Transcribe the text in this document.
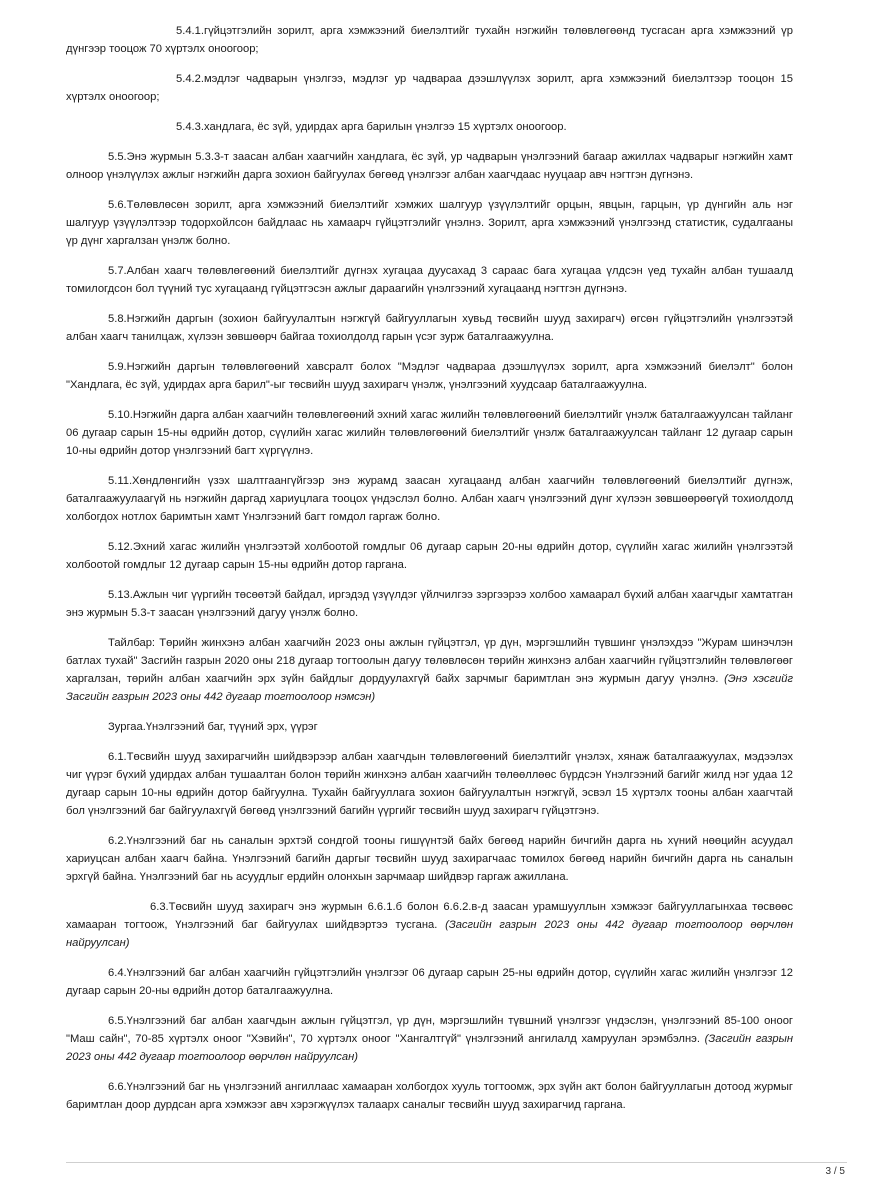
5.4.1.гүйцэтгэлийн зорилт, арга хэмжээний биелэлтийг тухайн нэгжийн төлөвлөгөөнд тусгасан арга хэмжээний үр дүнгээр тооцож 70 хүртэлх оноогоор;

5.4.2.мэдлэг чадварын үнэлгээ, мэдлэг ур чадвараа дээшлүүлэх зорилт, арга хэмжээний биелэлтээр тооцон 15 хүртэлх оноогоор;

5.4.3.хандлага, ёс зүй, удирдах арга барилын үнэлгээ 15 хүртэлх оноогоор.

5.5.Энэ журмын 5.3.3-т заасан албан хаагчийн хандлага, ёс зүй, ур чадварын үнэлгээний багаар ажиллах чадварыг нэгжийн хамт олноор үнэлүүлэх ажлыг нэгжийн дарга зохион байгуулах бөгөөд үнэлгээг албан хаагчдаас нууцаар авч нэгтгэн дүгнэнэ.

5.6.Төлөвлөсөн зорилт, арга хэмжээний биелэлтийг хэмжих шалгуур үзүүлэлтийг орцын, явцын, гарцын, үр дүнгийн аль нэг шалгуур үзүүлэлтээр тодорхойлсон байдлаас нь хамаарч гүйцэтгэлийг үнэлнэ. Зорилт, арга хэмжээний үнэлгээнд статистик, судалгааны үр дүнг харгалзан үнэлж болно.

5.7.Албан хаагч төлөвлөгөөний биелэлтийг дүгнэх хугацаа дуусахад 3 сараас бага хугацаа үлдсэн үед тухайн албан тушаалд томилогдсон бол түүний тус хугацаанд гүйцэтгэсэн ажлыг дараагийн үнэлгээний хугацаанд нэгтгэн дүгнэнэ.

5.8.Нэгжийн даргын (зохион байгуулалтын нэгжгүй байгууллагын хувьд төсвийн шууд захирагч) өгсөн гүйцэтгэлийн үнэлгээтэй албан хаагч танилцаж, хүлээн зөвшөөрч байгаа тохиолдолд гарын үсэг зурж баталгаажуулна.

5.9.Нэгжийн даргын төлөвлөгөөний хавсралт болох "Мэдлэг чадвараа дээшлүүлэх зорилт, арга хэмжээний биелэлт" болон "Хандлага, ёс зүй, удирдах арга барил"-ыг төсвийн шууд захирагч үнэлж, үнэлгээний хуудсаар баталгаажуулна.

5.10.Нэгжийн дарга албан хаагчийн төлөвлөгөөний эхний хагас жилийн төлөвлөгөөний биелэлтийг үнэлж баталгаажуулсан тайланг 06 дугаар сарын 15-ны өдрийн дотор, сүүлийн хагас жилийн төлөвлөгөөний биелэлтийг үнэлж баталгаажуулсан тайланг 12 дугаар сарын 10-ны өдрийн дотор үнэлгээний багт хүргүүлнэ.

5.11.Хөндлөнгийн үзэх шалтгаангүйгээр энэ журамд заасан хугацаанд албан хаагчийн төлөвлөгөөний биелэлтийг дүгнэж, баталгаажуулаагүй нь нэгжийн даргад хариуцлага тооцох үндэслэл болно. Албан хаагч үнэлгээний дүнг хүлээн зөвшөөрөөгүй тохиолдолд холбогдох нотлох баримтын хамт Үнэлгээний багт гомдол гаргаж болно.

5.12.Эхний хагас жилийн үнэлгээтэй холбоотой гомдлыг 06 дугаар сарын 20-ны өдрийн дотор, сүүлийн хагас жилийн үнэлгээтэй холбоотой гомдлыг 12 дугаар сарын 15-ны өдрийн дотор гаргана.

5.13.Ажлын чиг үүргийн төсөөтэй байдал, иргэдэд үзүүлдэг үйлчилгээ зэргээрээ холбоо хамаарал бүхий албан хаагчдыг хамтатган энэ журмын 5.3-т заасан үнэлгээний дагуу үнэлж болно.

Тайлбар: Төрийн жинхэнэ албан хаагчийн 2023 оны ажлын гүйцэтгэл, үр дүн, мэргэшлийн түвшинг үнэлэхдээ "Журам шинэчлэн батлах тухай" Засгийн газрын 2020 оны 218 дугаар тогтоолын дагуу төлөвлөсөн төрийн жинхэнэ албан хаагчийн гүйцэтгэлийн төлөвлөгөөг харгалзан, төрийн албан хаагчийн эрх зүйн байдлыг дордуулахгүй байх зарчмыг баримтлан энэ журмын дагуу үнэлнэ. (Энэ хэсгийг Засгийн газрын 2023 оны 442 дугаар тогтоолоор нэмсэн)

Зургаа.Үнэлгээний баг, түүний эрх, үүрэг

6.1.Төсвийн шууд захирагчийн шийдвэрээр албан хаагчдын төлөвлөгөөний биелэлтийг үнэлэх, хянаж баталгаажуулах, мэдээлэх чиг үүрэг бүхий удирдах албан тушаалтан болон төрийн жинхэнэ албан хаагчийн төлөөллөөс бүрдсэн Үнэлгээний багийг жилд нэг удаа 12 дугаар сарын 10-ны өдрийн дотор байгуулна. Тухайн байгууллага зохион байгуулалтын нэгжгүй, эсвэл 15 хүртэлх тооны албан хаагчтай бол үнэлгээний баг байгуулахгүй бөгөөд үнэлгээний багийн үүргийг төсвийн шууд захирагч гүйцэтгэнэ.

6.2.Үнэлгээний баг нь саналын эрхтэй сондгой тооны гишүүнтэй байх бөгөөд нарийн бичгийн дарга нь хүний нөөцийн асуудал хариуцсан албан хаагч байна. Үнэлгээний багийн даргыг төсвийн шууд захирагчаас томилох бөгөөд нарийн бичгийн дарга нь саналын эрхгүй байна. Үнэлгээний баг нь асуудлыг ердийн олонхын зарчмаар шийдвэр гаргаж ажиллана.

6.3.Төсвийн шууд захирагч энэ журмын 6.6.1.б болон 6.6.2.в-д заасан урамшууллын хэмжээг байгууллагынхаа төсвөөс хамааран тогтоож, Үнэлгээний баг байгуулах шийдвэртээ тусгана. (Засгийн газрын 2023 оны 442 дугаар тогтоолоор өөрчлөн найруулсан)

6.4.Үнэлгээний баг албан хаагчийн гүйцэтгэлийн үнэлгээг 06 дугаар сарын 25-ны өдрийн дотор, сүүлийн хагас жилийн үнэлгээг 12 дугаар сарын 20-ны өдрийн дотор баталгаажуулна.

6.5.Үнэлгээний баг албан хаагчдын ажлын гүйцэтгэл, үр дүн, мэргэшлийн түвшний үнэлгээг үндэслэн, үнэлгээний 85-100 оноог "Маш сайн", 70-85 хүртэлх оноог "Хэвийн", 70 хүртэлх оноог "Хангалтгүй" үнэлгээний ангилалд хамруулан эрэмбэлнэ. (Засгийн газрын 2023 оны 442 дугаар тогтоолоор өөрчлөн найруулсан)

6.6.Үнэлгээний баг нь үнэлгээний ангиллаас хамааран холбогдох хууль тогтоомж, эрх зүйн акт болон байгууллагын дотоод журмыг баримтлан доор дурдсан арга хэмжээг авч хэрэгжүүлэх талаарх саналыг төсвийн шууд захирагчид гаргана.

3 / 5
